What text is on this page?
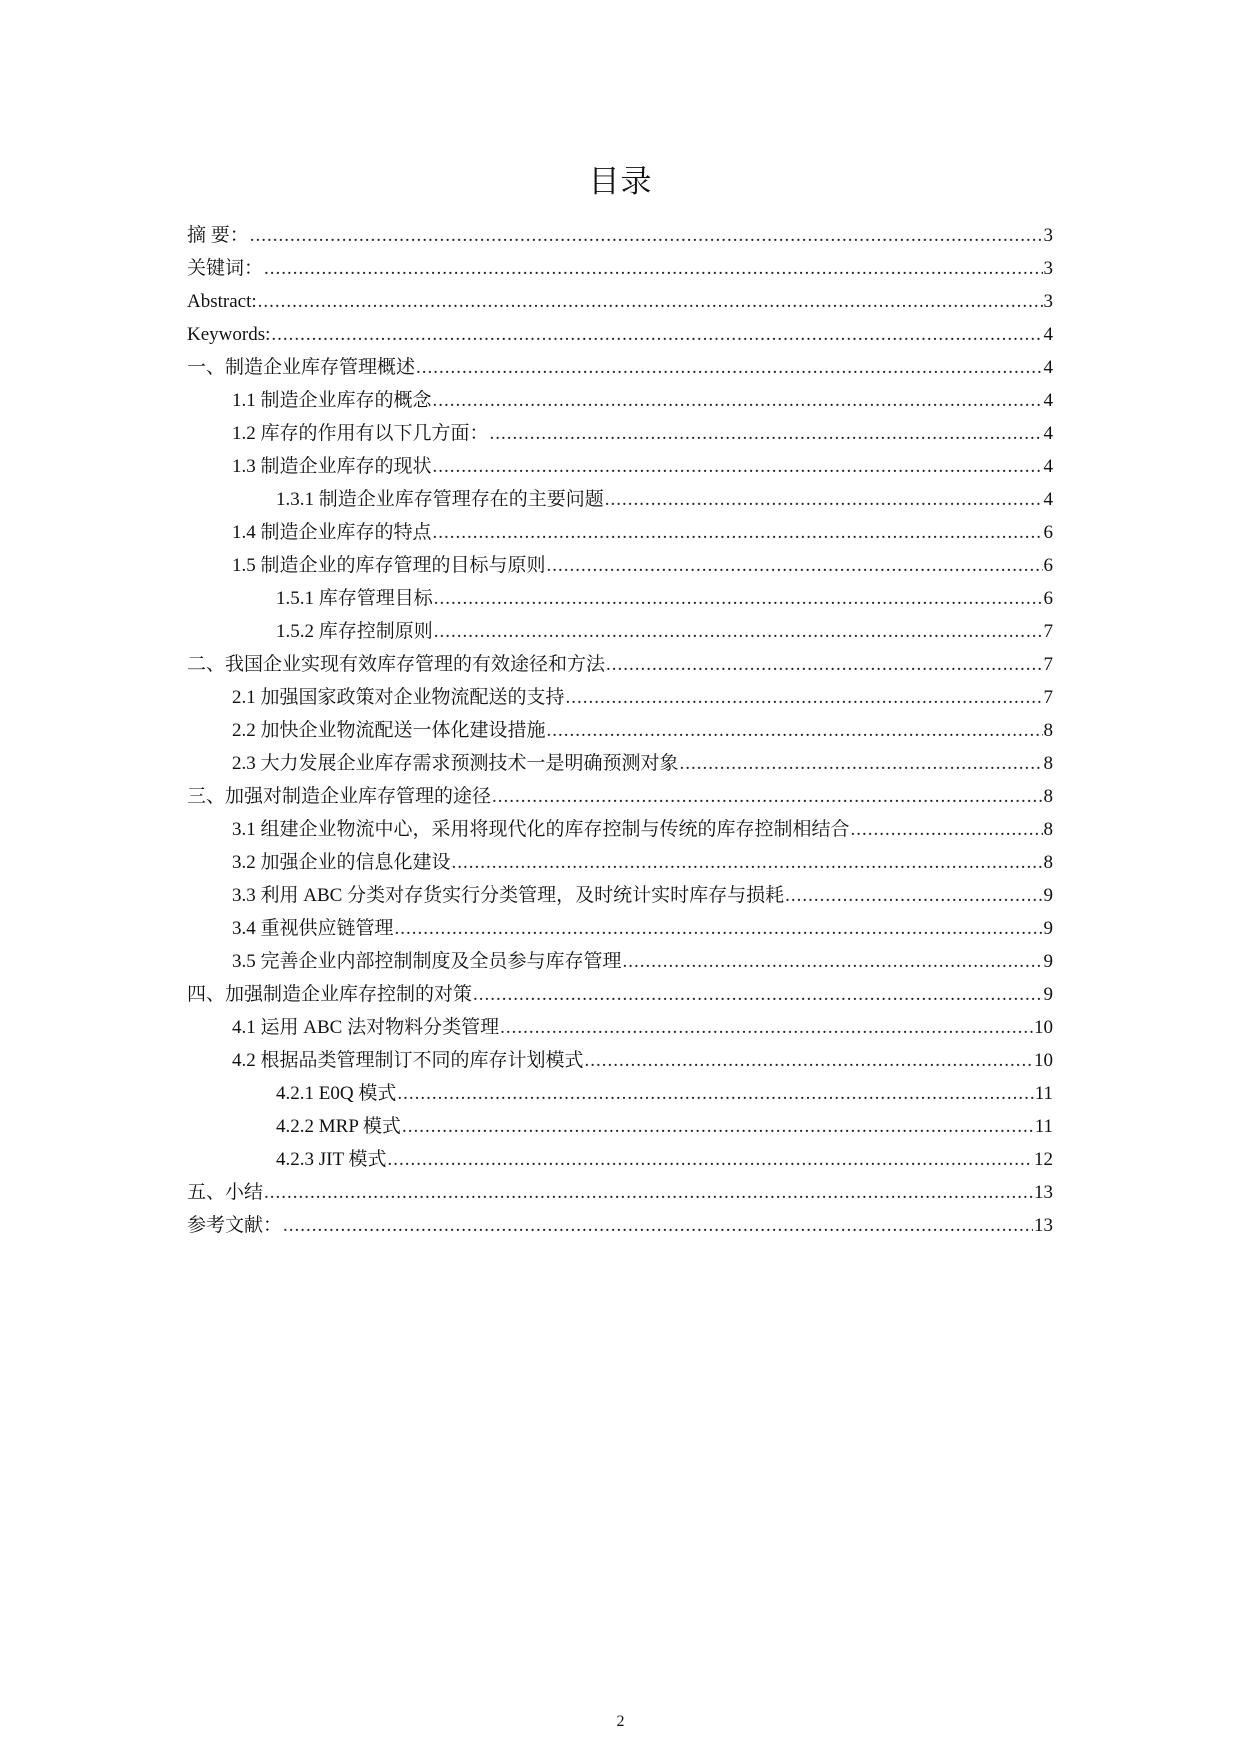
目录
摘 要： .....	3
关键词： .....	3
Abstract: .....	3
Keywords: .....	4
一、制造企业库存管理概述 .....	4
1.1 制造企业库存的概念 .....	4
1.2 库存的作用有以下几方面： .....	4
1.3 制造企业库存的现状 .....	4
1.3.1 制造企业库存管理存在的主要问题 .....	4
1.4 制造企业库存的特点 .....	6
1.5 制造企业的库存管理的目标与原则 .....	6
1.5.1 库存管理目标 .....	6
1.5.2 库存控制原则 .....	7
二、我国企业实现有效库存管理的有效途径和方法 .....	7
2.1 加强国家政策对企业物流配送的支持 .....	7
2.2 加快企业物流配送一体化建设措施 .....	8
2.3 大力发展企业库存需求预测技术一是明确预测对象 .....	8
三、加强对制造企业库存管理的途径 .....	8
3.1 组建企业物流中心，采用将现代化的库存控制与传统的库存控制相结合 .....	8
3.2 加强企业的信息化建设 .....	8
3.3 利用 ABC 分类对存货实行分类管理，及时统计实时库存与损耗 .....	9
3.4 重视供应链管理 .....	9
3.5 完善企业内部控制制度及全员参与库存管理 .....	9
四、加强制造企业库存控制的对策 .....	9
4.1 运用 ABC 法对物料分类管理 .....	10
4.2 根据品类管理制订不同的库存计划模式 .....	10
4.2.1 E0Q 模式 .....	11
4.2.2 MRP 模式 .....	11
4.2.3 JIT 模式 .....	12
五、小结 .....	13
参考文献： .....	13
2
